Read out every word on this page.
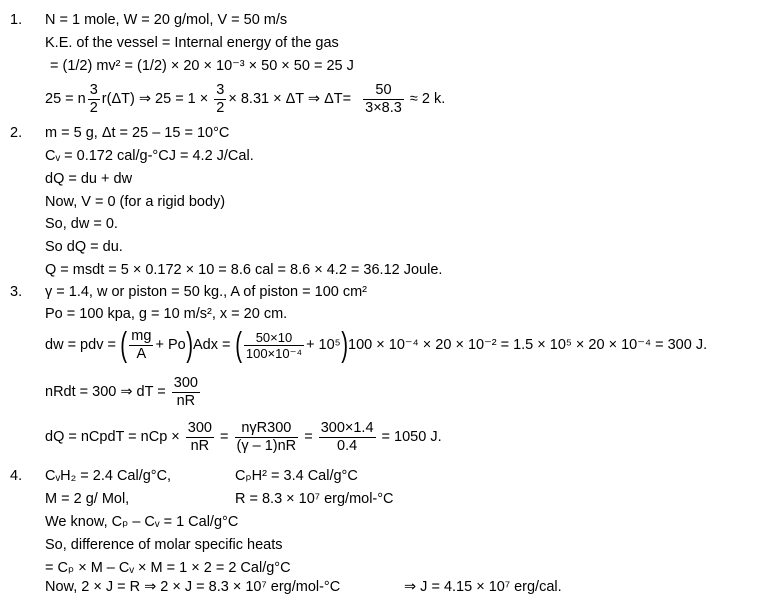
1. N = 1 mole, W = 20 g/mol, V = 50 m/s
K.E. of the vessel = Internal energy of the gas
= (1/2) mv² = (1/2) × 20 × 10⁻³ × 50 × 50 = 25 J
25 = n $\frac{3}{2} r(\Delta T)$ ⇒ $25 = 1 \times \frac{3}{2} \times 8.31 \times \Delta T$ ⇒ $\Delta T= \frac{50}{3\times 8.3} \approx 2$ k.
2. m = 5 g, Δt = 25 – 15 = 10°C
Cᵥ = 0.172 cal/g-°CJ = 4.2 J/Cal.
dQ = du + dw
Now, V = 0 (for a rigid body)
So, dw = 0.
So dQ = du.
Q = msdt = 5 × 0.172 × 10 = 8.6 cal = 8.6 × 4.2 = 36.12 Joule.
3. γ = 1.4, w or piston = 50 kg., A of piston = 100 cm²
Po = 100 kpa, g = 10 m/s², x = 20 cm.
dw = pdv = ( $\frac{mg}{A} + Po)Adx$ = ( $\frac{50\times 10}{\text{100×10⁻⁴}} + 10^5)100 \times 10^{-4} \times 20 \times 10^{-2} = 1.5 \times 10^5 \times 20 \times 10^{-4} = 300$ J.
nRdt = 300 ⇒ dT = $\frac{300}{nR}$
dQ = nCpdT = nCp × $\frac{300}{nR} = \frac{\text{nγR300}}{(\gamma - 1)nR} = \frac{300\times 1.4}{0.4} = 1050$ J.
4. CᵥH₂ = 2.4 Cal/g°C,	CₚH² = 3.4 Cal/g°C
M = 2 g/ Mol,	R = 8.3 × 10⁷ erg/mol-°C
We know, Cₚ – Cᵥ = 1 Cal/g°C
So, difference of molar specific heats
= Cₚ × M – Cᵥ × M = 1 × 2 = 2 Cal/g°C
Now, 2 × J = R ⇒ 2 × J = 8.3 × 10⁷ erg/mol-°C	⇒ J = 4.15 × 10⁷ erg/cal.
